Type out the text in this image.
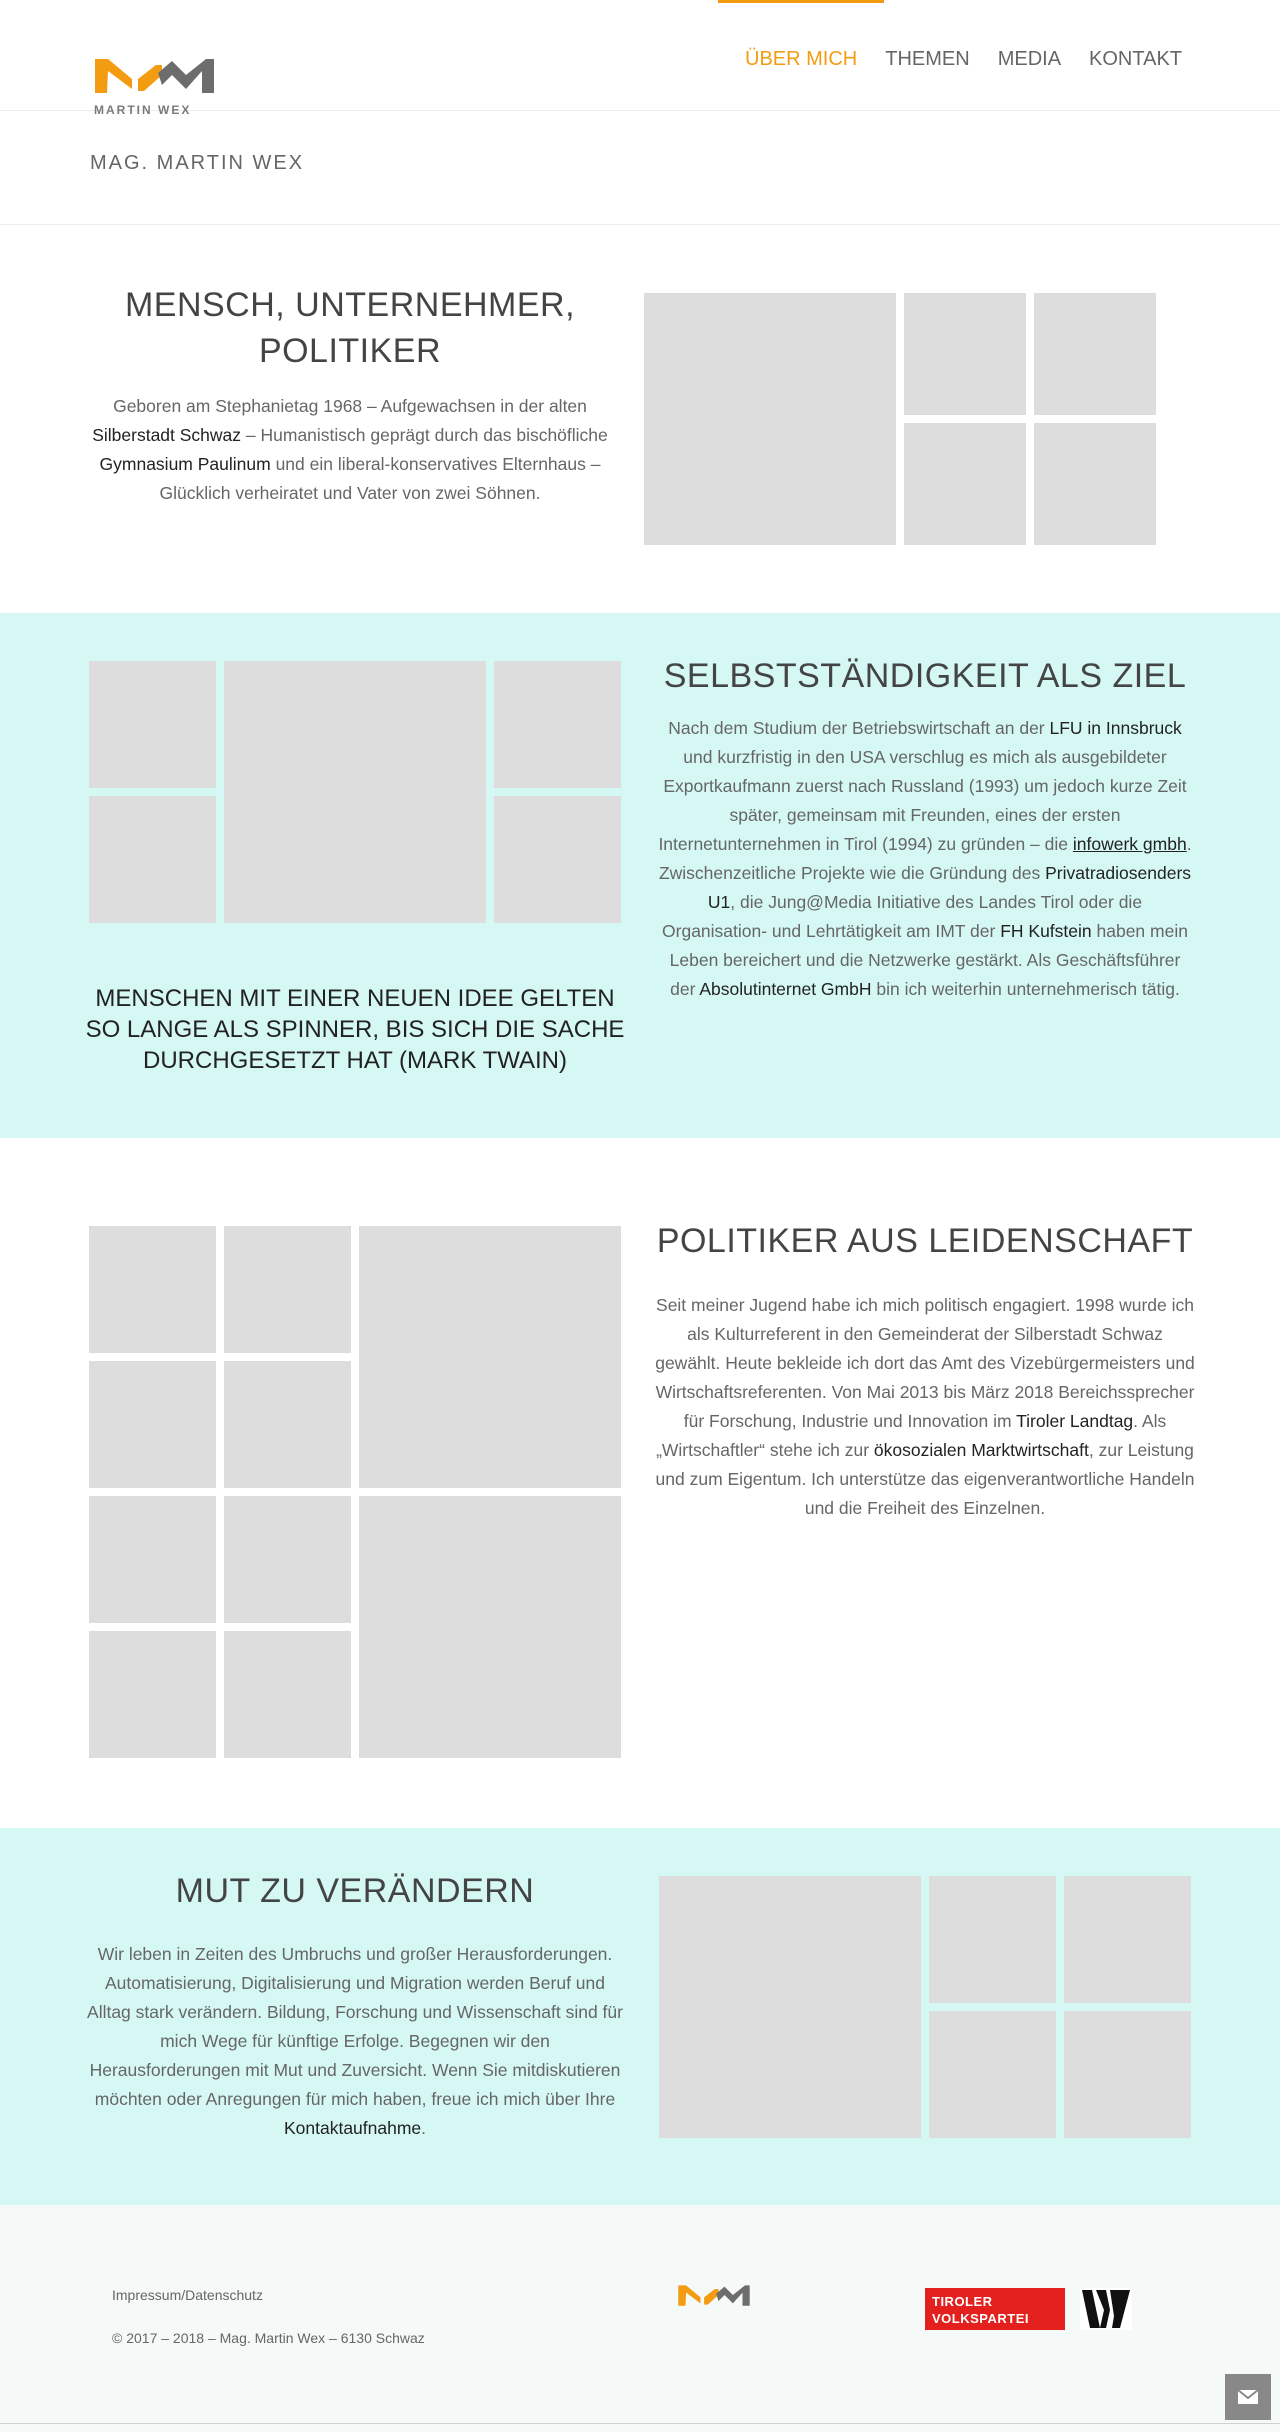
MARTIN WEX
ÜBER MICH	THEMEN	MEDIA	KONTAKT
MAG. MARTIN WEX
MENSCH, UNTERNEHMER,
POLITIKER

Geboren am Stephanietag 1968 – Aufgewachsen in der alten
Silberstadt Schwaz – Humanistisch geprägt durch das bischöfliche Gymnasium Paulinum und ein liberal-konservatives Elternhaus – Glücklich verheiratet und Vater von zwei Söhnen.

MENSCHEN MIT EINER NEUEN IDEE GELTEN SO LANGE ALS SPINNER, BIS SICH DIE SACHE DURCHGESETZT HAT (MARK TWAIN)
SELBSTSTÄNDIGKEIT ALS ZIEL

Nach dem Studium der Betriebswirtschaft an der LFU in Innsbruck und kurzfristig in den USA verschlug es mich als ausgebildeter Exportkaufmann zuerst nach Russland (1993) um jedoch kurze Zeit später, gemeinsam mit Freunden, eines der ersten Internetunternehmen in Tirol (1994) zu gründen – die infowerk gmbh. Zwischenzeitliche Projekte wie die Gründung des Privatradiosenders U1, die Jung@Media Initiative des Landes Tirol oder die Organisation- und Lehrtätigkeit am IMT der FH Kufstein haben mein Leben bereichert und die Netzwerke gestärkt. Als Geschäftsführer der Absolutinternet GmbH bin ich weiterhin unternehmerisch tätig.

POLITIKER AUS LEIDENSCHAFT

Seit meiner Jugend habe ich mich politisch engagiert. 1998 wurde ich als Kulturreferent in den Gemeinderat der Silberstadt Schwaz gewählt. Heute bekleide ich dort das Amt des Vizebürgermeisters und Wirtschaftsreferenten. Von Mai 2013 bis März 2018 Bereichssprecher für Forschung, Industrie und Innovation im Tiroler Landtag. Als „Wirtschaftler“ stehe ich zur ökosozialen Marktwirtschaft, zur Leistung und zum Eigentum. Ich unterstütze das eigenverantwortliche Handeln und die Freiheit des Einzelnen.

MUT ZU VERÄNDERN

Wir leben in Zeiten des Umbruchs und großer Herausforderungen. Automatisierung, Digitalisierung und Migration werden Beruf und Alltag stark verändern. Bildung, Forschung und Wissenschaft sind für mich Wege für künftige Erfolge. Begegnen wir den Herausforderungen mit Mut und Zuversicht. Wenn Sie mitdiskutieren möchten oder Anregungen für mich haben, freue ich mich über Ihre Kontaktaufnahme.

Impressum/Datenschutz
© 2017 – 2018 – Mag. Martin Wex – 6130 Schwaz
TIROLER
VOLKSPARTEI
